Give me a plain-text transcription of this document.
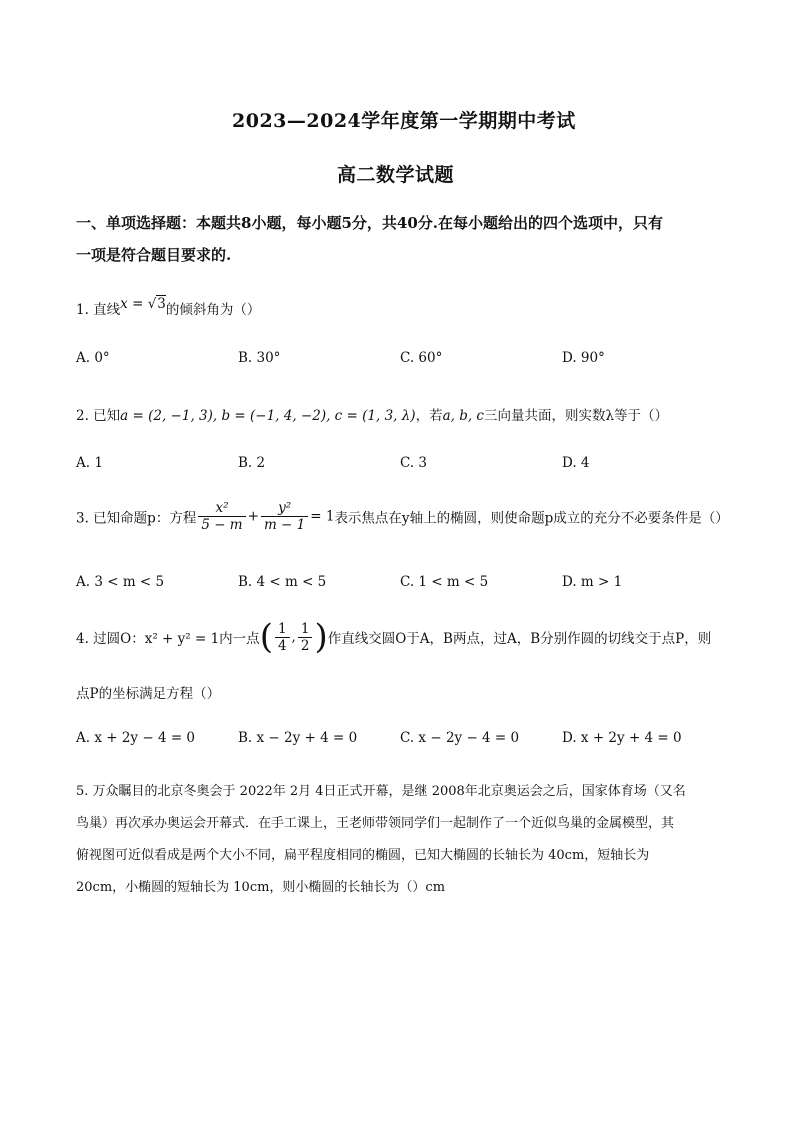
2023—2024学年度第一学期期中考试
高二数学试题
一、单项选择题：本题共8小题，每小题5分，共40分.在每小题给出的四个选项中，只有
一项是符合题目要求的.
1. 直线x = √3的倾斜角为（）
A. 0°	B. 30°	C. 60°	D. 90°
2. 已知a = (2, −1, 3), b = (−1, 4, −2), c = (1, 3, λ)，若a, b, c三向量共面，则实数λ等于（）
A. 1	B. 2	C. 3	D. 4
3. 已知命题p：方程 $\frac{\text{x²}}{5 - m} + \frac{\text{y²}}{m - 1} = 1$表示焦点在y轴上的椭圆，则使命题p成立的充分不必要条件是（）
A. 3 < m < 5	B. 4 < m < 5	C. 1 < m < 5	D. m > 1
4. 过圆O：x² + y² = 1内一点( $\frac{1}{4}$ , $\frac{1}{2}$ )作直线交圆O于A，B两点，过A，B分别作圆的切线交于点P，则
点P的坐标满足方程（）
A. x + 2y − 4 = 0	B. x − 2y + 4 = 0	C. x − 2y − 4 = 0	D. x + 2y + 4 = 0
5. 万众瞩目的北京冬奥会于 2022年 2月 4日正式开幕，是继 2008年北京奥运会之后，国家体育场（又名
鸟巢）再次承办奥运会开幕式．在手工课上，王老师带领同学们一起制作了一个近似鸟巢的金属模型，其
俯视图可近似看成是两个大小不同，扁平程度相同的椭圆，已知大椭圆的长轴长为 40cm，短轴长为
20cm，小椭圆的短轴长为 10cm，则小椭圆的长轴长为（）cm
